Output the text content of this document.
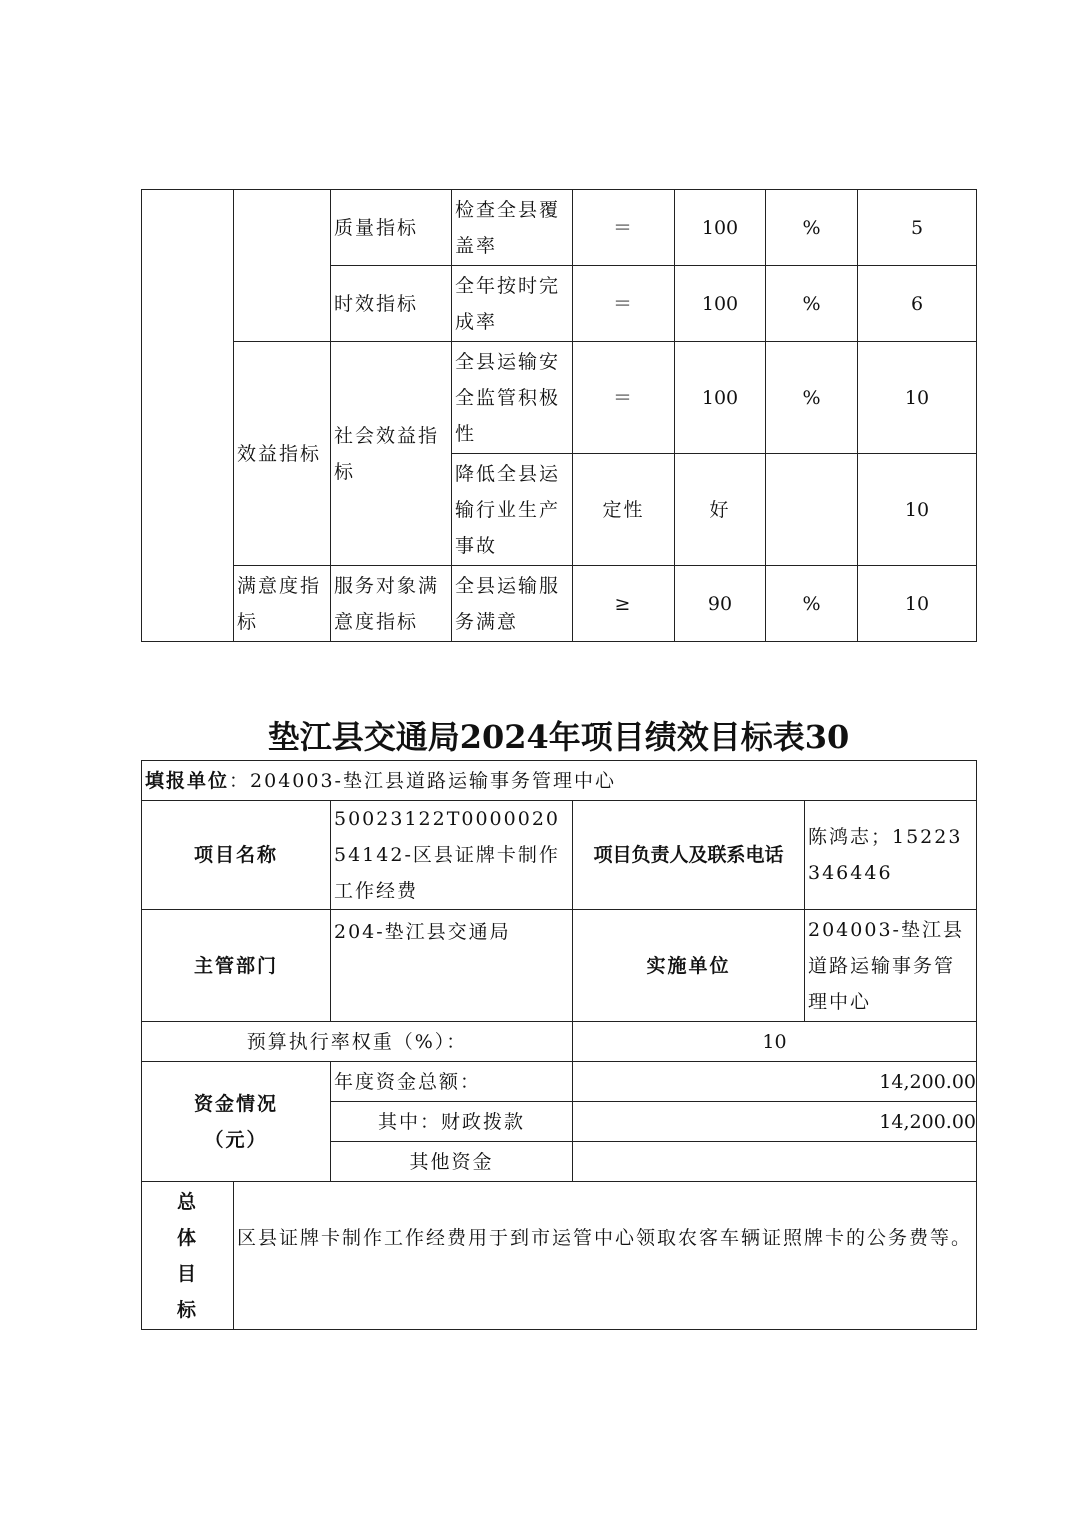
		质量指标	检查全县覆盖率	＝	100	%	5
		时效指标	全年按时完成率	＝	100	%	6
	效益指标	社会效益指标	全县运输安全监管积极性	＝	100	%	10
			降低全县运输行业生产事故	定性	好		10
	满意度指标	服务对象满意度指标	全县运输服务满意	≥	90	%	10
垫江县交通局2024年项目绩效目标表30
填报单位：204003-垫江县道路运输事务管理中心				
项目名称		50023122T000002054142-区县证牌卡制作工作经费	项目负责人及联系电话	陈鸿志；15223346446
主管部门		204-垫江县交通局	实施单位	204003-垫江县道路运输事务管理中心
预算执行率权重（%）：			10	
资金情况（元）		年度资金总额：	14,200.00	
		其中：财政拨款	14,200.00	
		其他资金		
总体目标	区县证牌卡制作工作经费用于到市运管中心领取农客车辆证照牌卡的公务费等。			
